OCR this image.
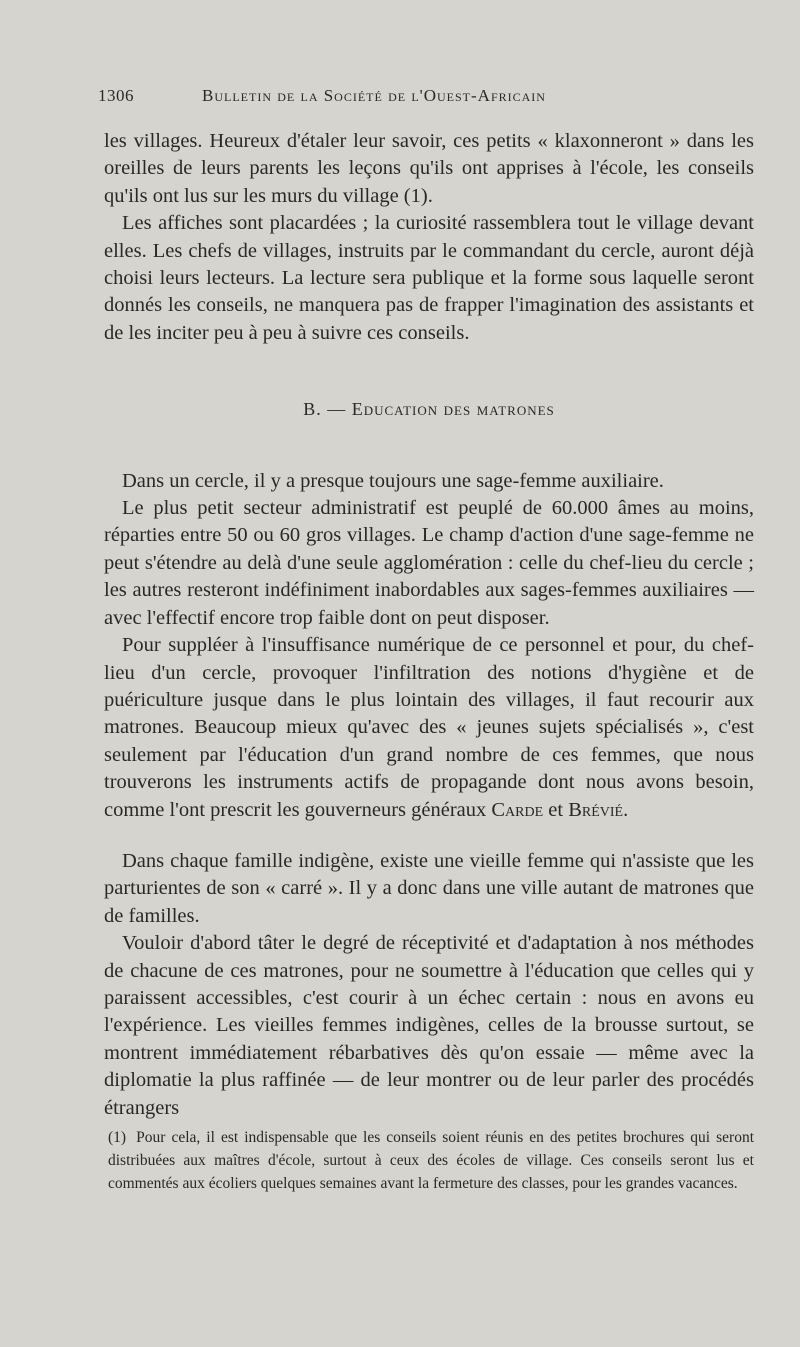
1306	Bulletin de la Société de l'Ouest-Africain

les villages. Heureux d'étaler leur savoir, ces petits « klaxonneront » dans les oreilles de leurs parents les leçons qu'ils ont apprises à l'école, les conseils qu'ils ont lus sur les murs du village (1).

Les affiches sont placardées ; la curiosité rassemblera tout le village devant elles. Les chefs de villages, instruits par le commandant du cercle, auront déjà choisi leurs lecteurs. La lecture sera publique et la forme sous laquelle seront donnés les conseils, ne manquera pas de frapper l'imagination des assistants et de les inciter peu à peu à suivre ces conseils.

B. — Education des matrones

Dans un cercle, il y a presque toujours une sage-femme auxiliaire.

Le plus petit secteur administratif est peuplé de 60.000 âmes au moins, réparties entre 50 ou 60 gros villages. Le champ d'action d'une sage-femme ne peut s'étendre au delà d'une seule agglomération : celle du chef-lieu du cercle ; les autres resteront indéfiniment inabordables aux sages-femmes auxiliaires — avec l'effectif encore trop faible dont on peut disposer.

Pour suppléer à l'insuffisance numérique de ce personnel et pour, du chef-lieu d'un cercle, provoquer l'infiltration des notions d'hygiène et de puériculture jusque dans le plus lointain des villages, il faut recourir aux matrones. Beaucoup mieux qu'avec des « jeunes sujets spécialisés », c'est seulement par l'éducation d'un grand nombre de ces femmes, que nous trouverons les instruments actifs de propagande dont nous avons besoin, comme l'ont prescrit les gouverneurs généraux Carde et Brévié.

Dans chaque famille indigène, existe une vieille femme qui n'assiste que les parturientes de son « carré ». Il y a donc dans une ville autant de matrones que de familles.

Vouloir d'abord tâter le degré de réceptivité et d'adaptation à nos méthodes de chacune de ces matrones, pour ne soumettre à l'éducation que celles qui y paraissent accessibles, c'est courir à un échec certain : nous en avons eu l'expérience. Les vieilles femmes indigènes, celles de la brousse surtout, se montrent immédiatement rébarbatives dès qu'on essaie — même avec la diplomatie la plus raffinée — de leur montrer ou de leur parler des procédés étrangers

(1) Pour cela, il est indispensable que les conseils soient réunis en des petites brochures qui seront distribuées aux maîtres d'école, surtout à ceux des écoles de village. Ces conseils seront lus et commentés aux écoliers quelques semaines avant la fermeture des classes, pour les grandes vacances.
